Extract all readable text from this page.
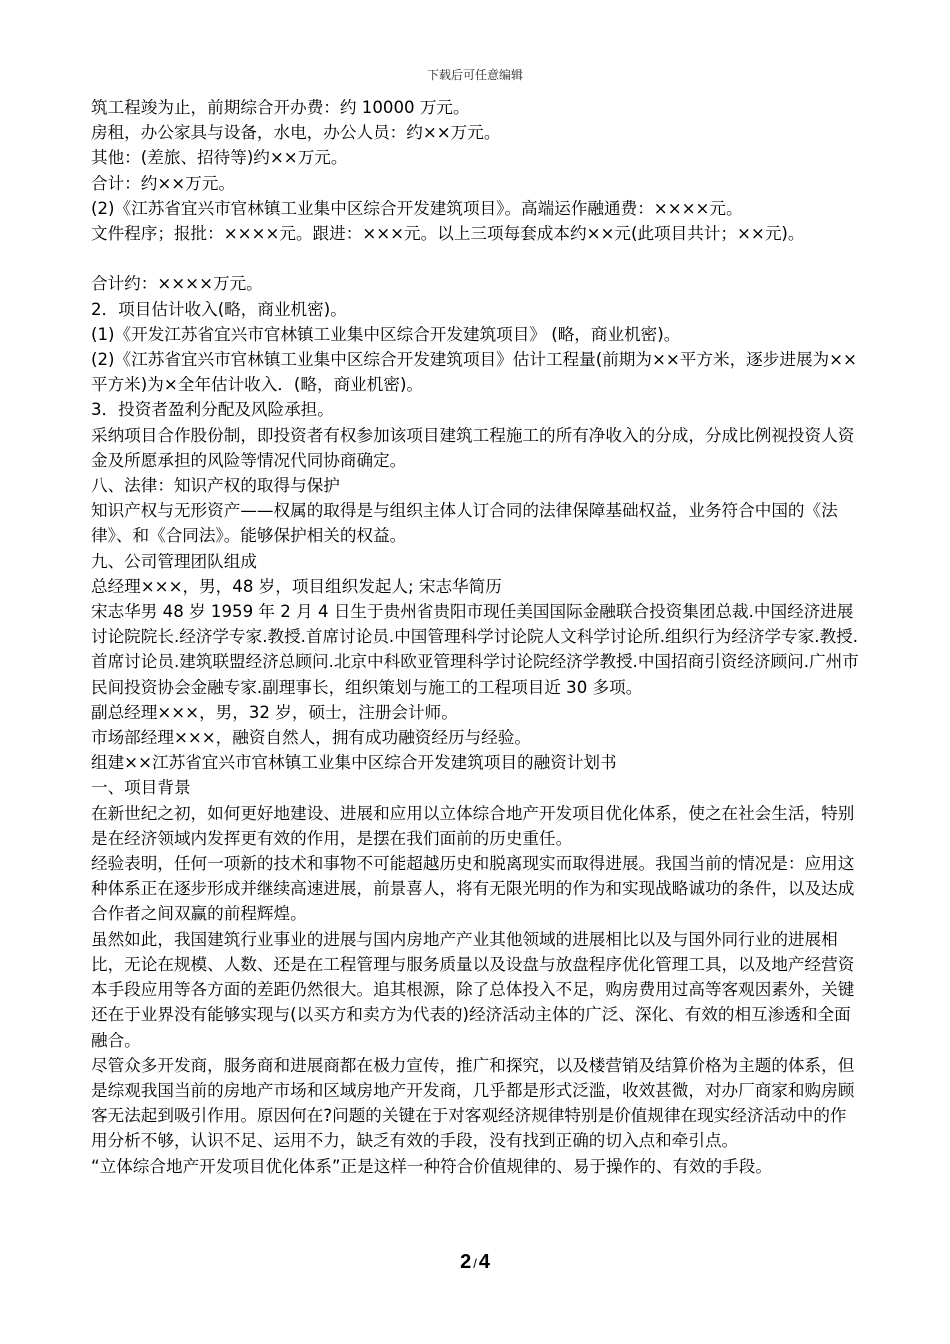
下载后可任意编辑

筑工程竣为止，前期综合开办费：约 10000 万元。

房租，办公家具与设备，水电，办公人员：约××万元。

其他：(差旅、招待等)约××万元。

合计：约××万元。

(2)《江苏省宜兴市官林镇工业集中区综合开发建筑项目》。高端运作融通费：××××元。

文件程序；报批：××××元。跟进：×××元。以上三项每套成本约××元(此项目共计；××元)。

合计约：××××万元。

2．项目估计收入(略，商业机密)。

(1)《开发江苏省宜兴市官林镇工业集中区综合开发建筑项目》 (略，商业机密)。

(2)《江苏省宜兴市官林镇工业集中区综合开发建筑项目》估计工程量(前期为××平方米，逐步进展为××平方米)为×全年估计收入．(略，商业机密)。

3．投资者盈利分配及风险承担。

采纳项目合作股份制，即投资者有权参加该项目建筑工程施工的所有净收入的分成，分成比例视投资人资金及所愿承担的风险等情况代同协商确定。

八、法律：知识产权的取得与保护

知识产权与无形资产——权属的取得是与组织主体人订合同的法律保障基础权益，业务符合中国的《法律》、和《合同法》。能够保护相关的权益。

九、公司管理团队组成

总经理×××，男，48 岁，项目组织发起人; 宋志华简历

宋志华男 48 岁 1959 年 2 月 4 日生于贵州省贵阳市现任美国国际金融联合投资集团总裁.中国经济进展讨论院院长.经济学专家.教授.首席讨论员.中国管理科学讨论院人文科学讨论所.组织行为经济学专家.教授.首席讨论员.建筑联盟经济总顾问.北京中科欧亚管理科学讨论院经济学教授.中国招商引资经济顾问.广州市民间投资协会金融专家.副理事长，组织策划与施工的工程项目近 30 多项。

副总经理×××，男，32 岁，硕士，注册会计师。

市场部经理×××，融资自然人，拥有成功融资经历与经验。

组建××江苏省宜兴市官林镇工业集中区综合开发建筑项目的融资计划书

一、项目背景

在新世纪之初，如何更好地建设、进展和应用以立体综合地产开发项目优化体系，使之在社会生活，特别是在经济领域内发挥更有效的作用，是摆在我们面前的历史重任。

经验表明，任何一项新的技术和事物不可能超越历史和脱离现实而取得进展。我国当前的情况是：应用这种体系正在逐步形成并继续高速进展，前景喜人，将有无限光明的作为和实现战略诚功的条件，以及达成合作者之间双赢的前程辉煌。

虽然如此，我国建筑行业事业的进展与国内房地产产业其他领域的进展相比以及与国外同行业的进展相比，无论在规模、人数、还是在工程管理与服务质量以及设盘与放盘程序优化管理工具，以及地产经营资本手段应用等各方面的差距仍然很大。追其根源，除了总体投入不足，购房费用过高等客观因素外，关键还在于业界没有能够实现与(以买方和卖方为代表的)经济活动主体的广泛、深化、有效的相互渗透和全面融合。

尽管众多开发商，服务商和进展商都在极力宣传，推广和探究，以及楼营销及结算价格为主题的体系，但是综观我国当前的房地产市场和区域房地产开发商，几乎都是形式泛滥，收效甚微，对办厂商家和购房顾客无法起到吸引作用。原因何在?问题的关键在于对客观经济规律特别是价值规律在现实经济活动中的作用分析不够，认识不足、运用不力，缺乏有效的手段，没有找到正确的切入点和牵引点。

“立体综合地产开发项目优化体系”正是这样一种符合价值规律的、易于操作的、有效的手段。

2 / 4
